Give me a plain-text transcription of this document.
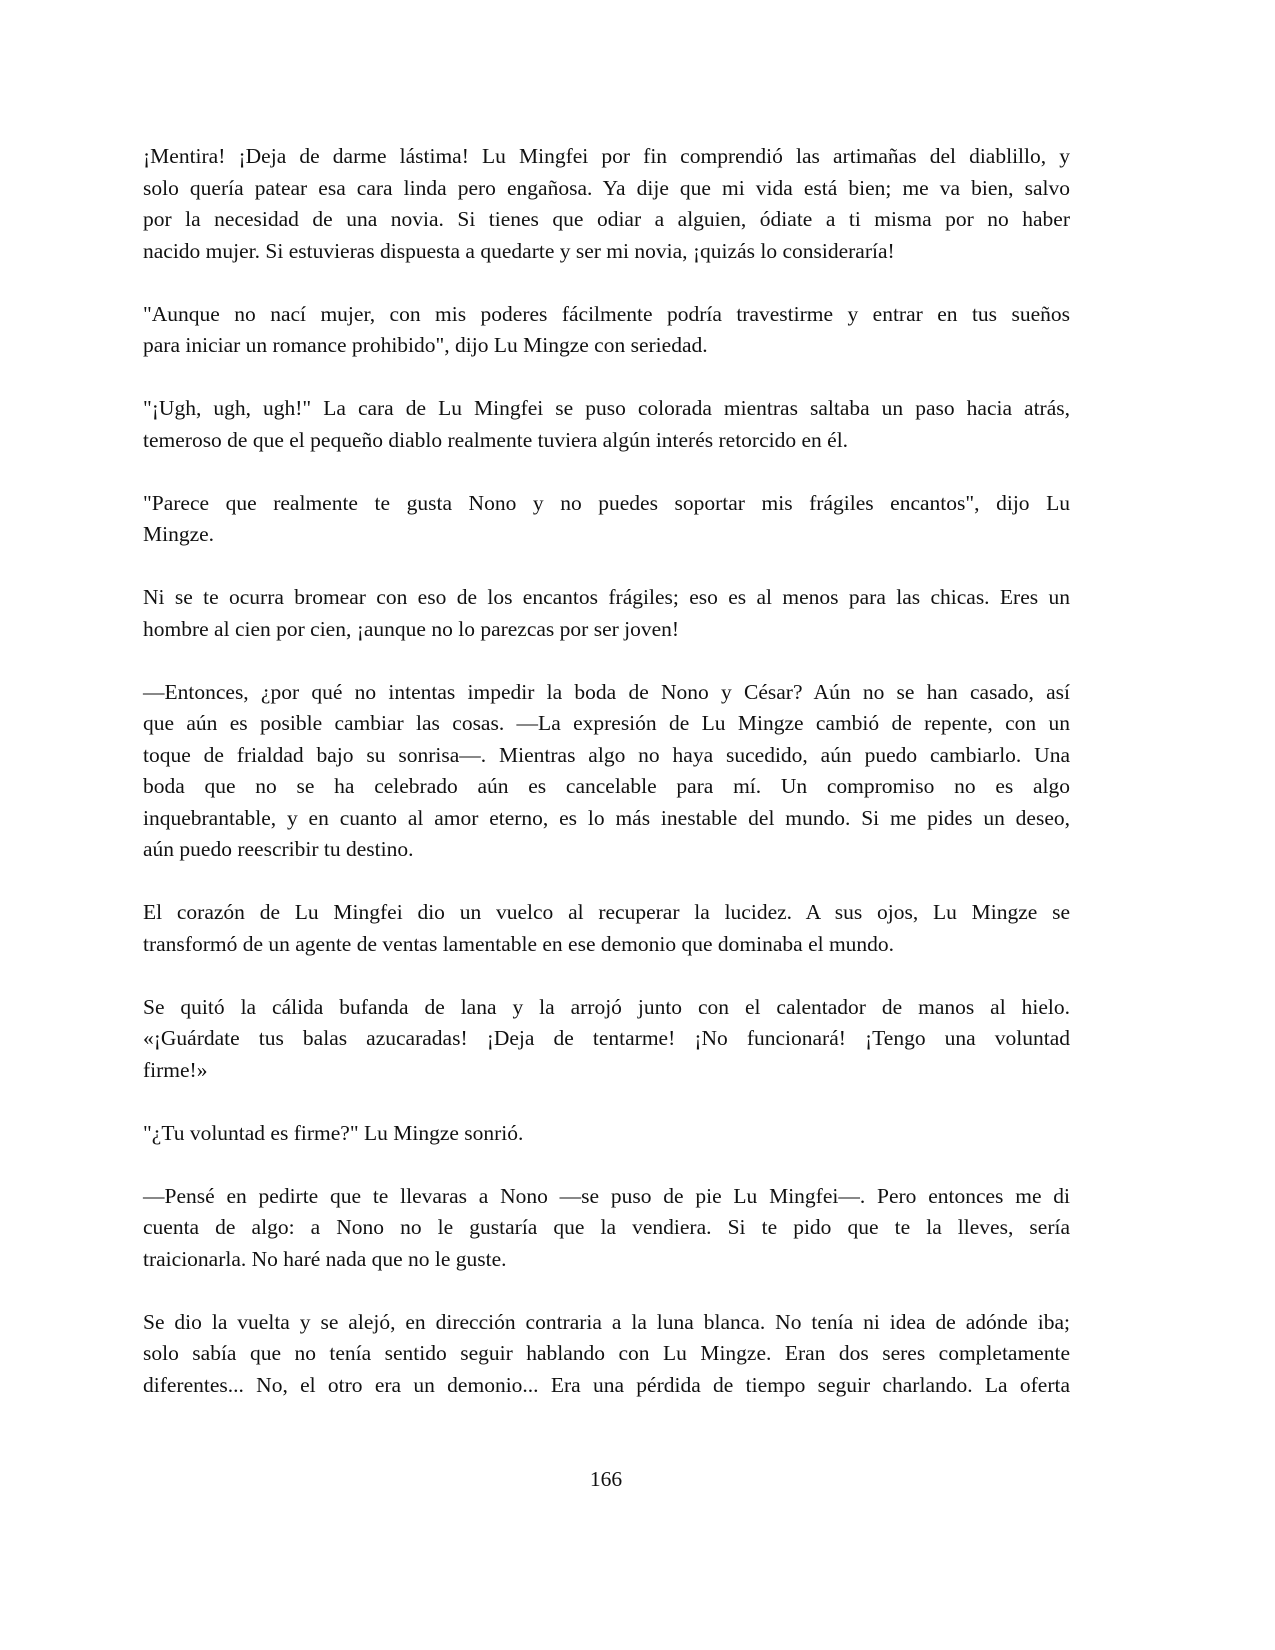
¡Mentira! ¡Deja de darme lástima! Lu Mingfei por fin comprendió las artimañas del diablillo, y
solo quería patear esa cara linda pero engañosa. Ya dije que mi vida está bien; me va bien, salvo
por la necesidad de una novia. Si tienes que odiar a alguien, ódiate a ti misma por no haber
nacido mujer. Si estuvieras dispuesta a quedarte y ser mi novia, ¡quizás lo consideraría!
"Aunque no nací mujer, con mis poderes fácilmente podría travestirme y entrar en tus sueños
para iniciar un romance prohibido", dijo Lu Mingze con seriedad.
"¡Ugh, ugh, ugh!" La cara de Lu Mingfei se puso colorada mientras saltaba un paso hacia atrás,
temeroso de que el pequeño diablo realmente tuviera algún interés retorcido en él.
"Parece que realmente te gusta Nono y no puedes soportar mis frágiles encantos", dijo Lu
Mingze.
Ni se te ocurra bromear con eso de los encantos frágiles; eso es al menos para las chicas. Eres un
hombre al cien por cien, ¡aunque no lo parezcas por ser joven!
—Entonces, ¿por qué no intentas impedir la boda de Nono y César? Aún no se han casado, así
que aún es posible cambiar las cosas. —La expresión de Lu Mingze cambió de repente, con un
toque de frialdad bajo su sonrisa—. Mientras algo no haya sucedido, aún puedo cambiarlo. Una
boda que no se ha celebrado aún es cancelable para mí. Un compromiso no es algo
inquebrantable, y en cuanto al amor eterno, es lo más inestable del mundo. Si me pides un deseo,
aún puedo reescribir tu destino.
El corazón de Lu Mingfei dio un vuelco al recuperar la lucidez. A sus ojos, Lu Mingze se
transformó de un agente de ventas lamentable en ese demonio que dominaba el mundo.
Se quitó la cálida bufanda de lana y la arrojó junto con el calentador de manos al hielo.
«¡Guárdate tus balas azucaradas! ¡Deja de tentarme! ¡No funcionará! ¡Tengo una voluntad
firme!»
"¿Tu voluntad es firme?" Lu Mingze sonrió.
—Pensé en pedirte que te llevaras a Nono —se puso de pie Lu Mingfei—. Pero entonces me di
cuenta de algo: a Nono no le gustaría que la vendiera. Si te pido que te la lleves, sería
traicionarla. No haré nada que no le guste.
Se dio la vuelta y se alejó, en dirección contraria a la luna blanca. No tenía ni idea de adónde iba;
solo sabía que no tenía sentido seguir hablando con Lu Mingze. Eran dos seres completamente
diferentes... No, el otro era un demonio... Era una pérdida de tiempo seguir charlando. La oferta
166
